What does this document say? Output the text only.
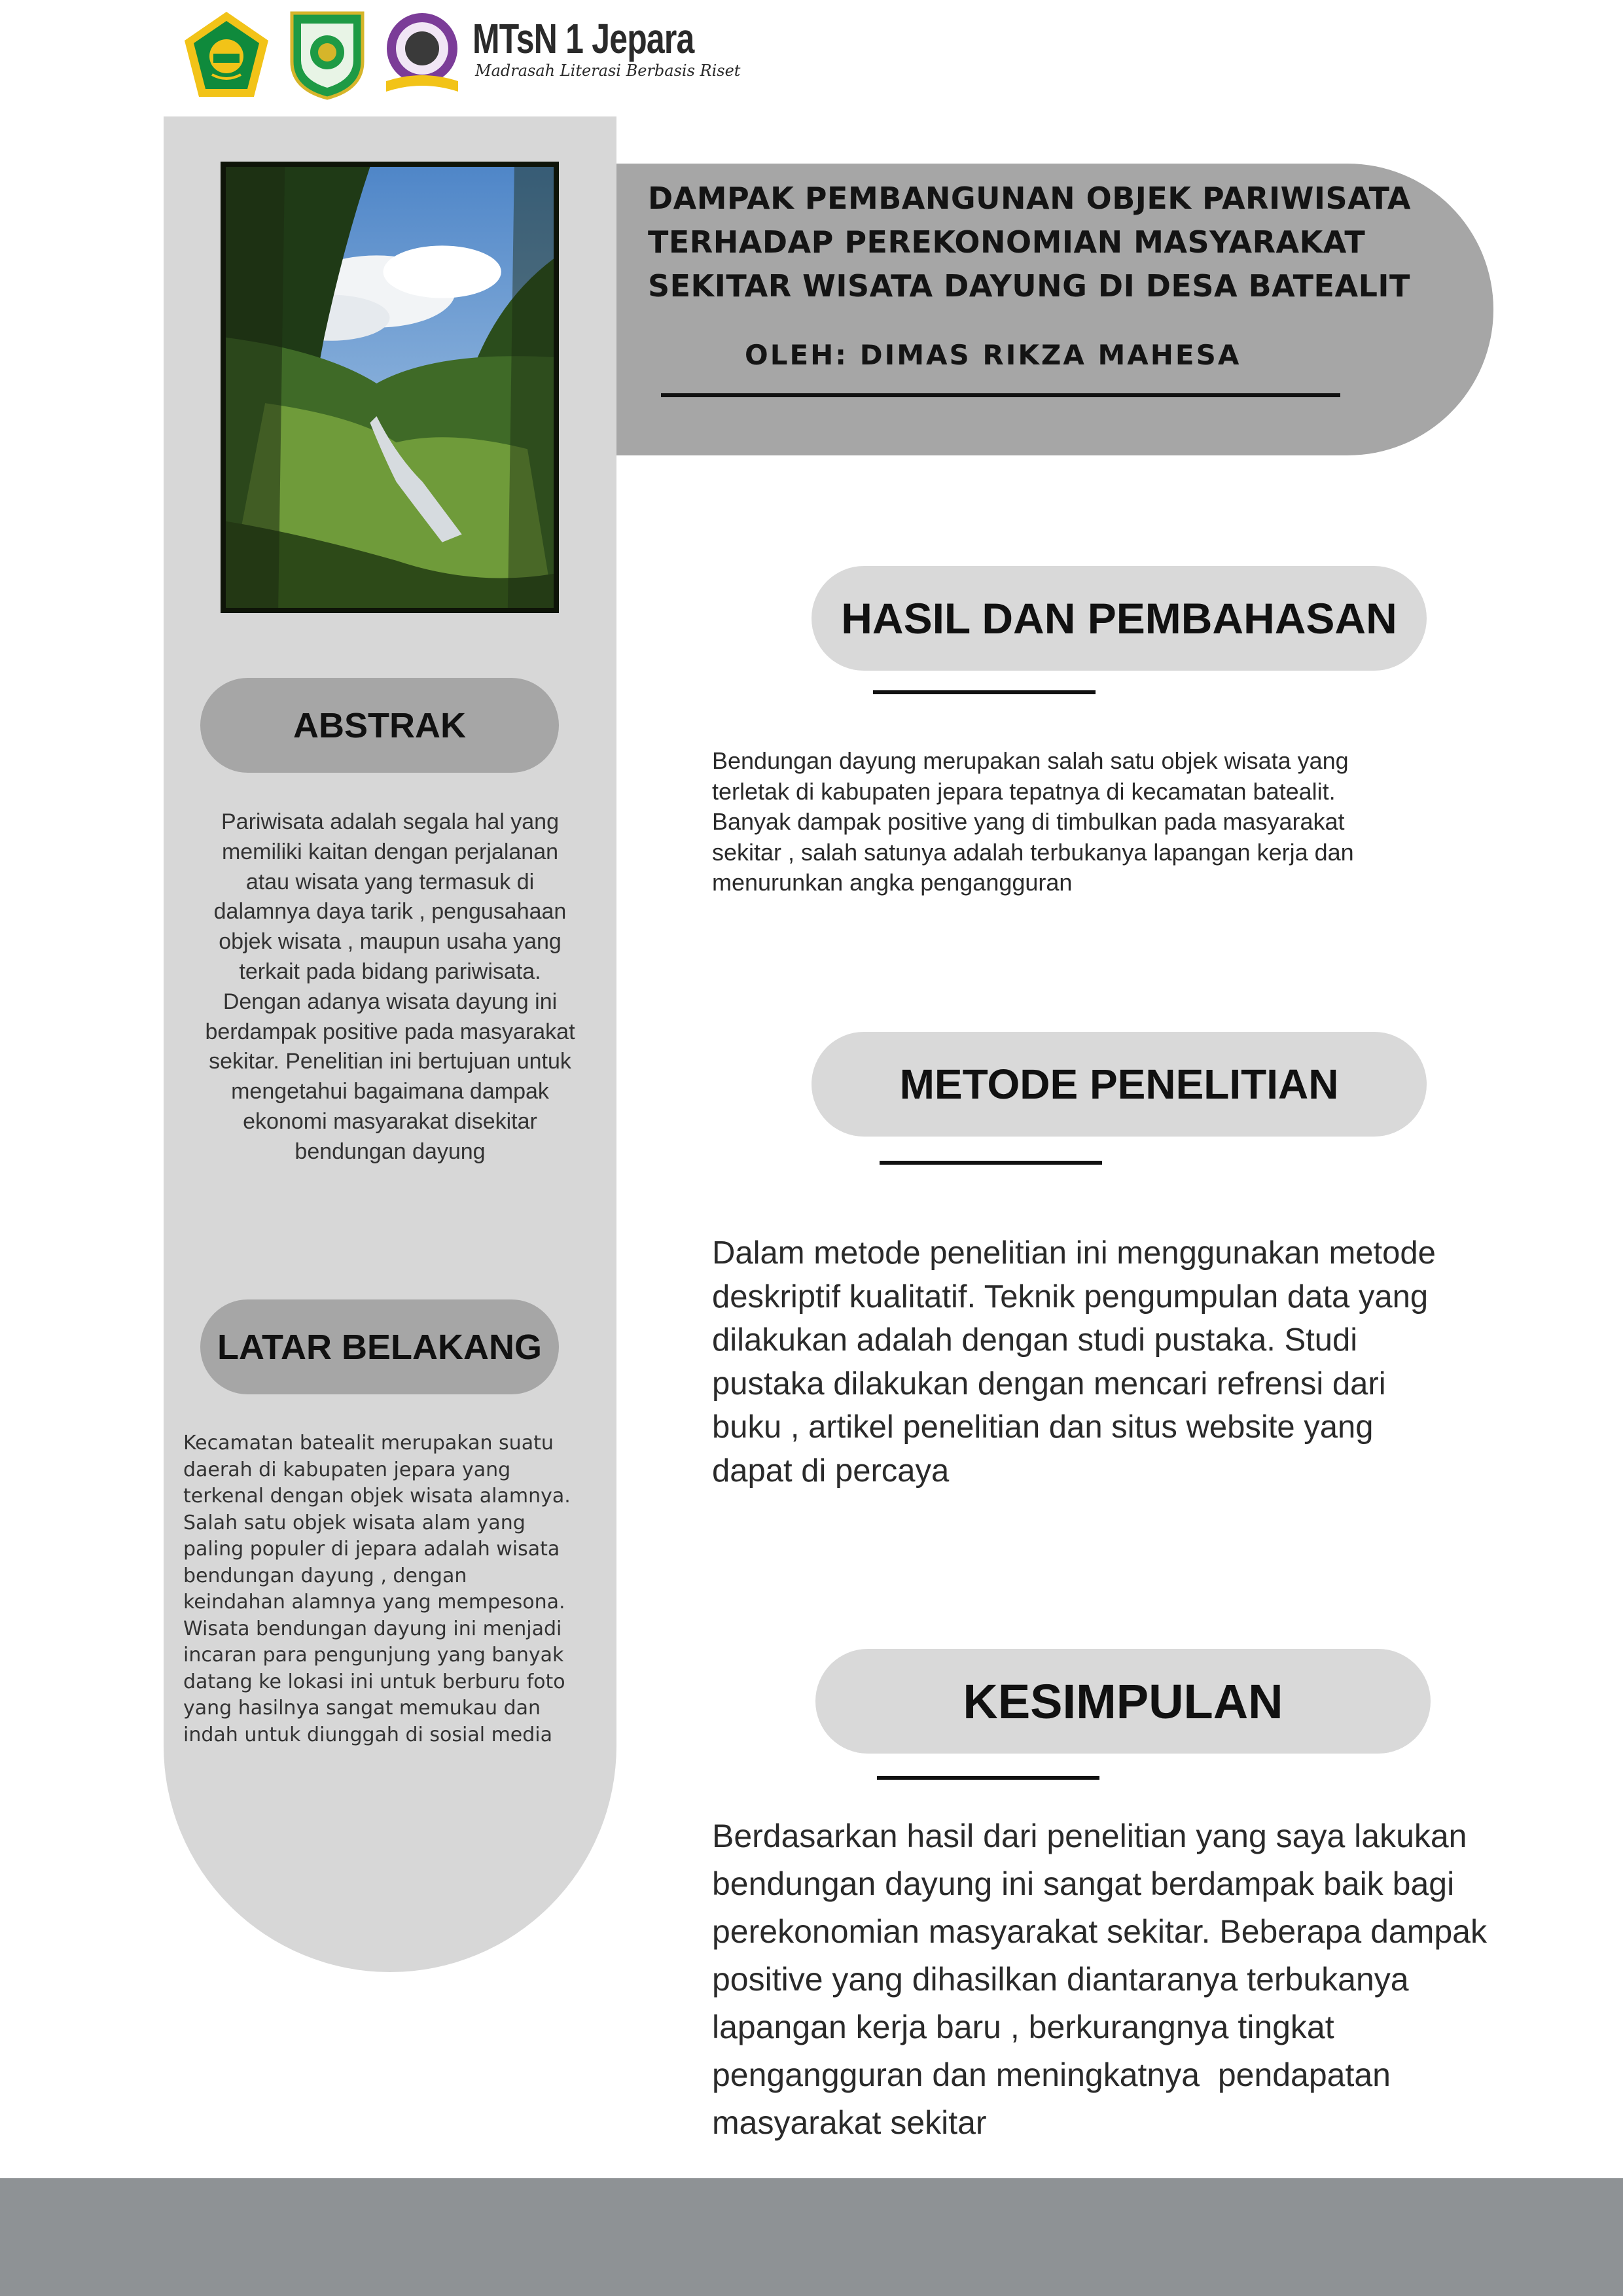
MTsN 1 Jepara
Madrasah Literasi Berbasis Riset
ABSTRAK
Pariwisata adalah segala hal yang
memiliki kaitan dengan perjalanan
atau wisata yang termasuk di
dalamnya daya tarik , pengusahaan
objek wisata , maupun usaha yang
terkait pada bidang pariwisata.
Dengan adanya wisata dayung ini
berdampak positive pada masyarakat
sekitar. Penelitian ini bertujuan untuk
mengetahui bagaimana dampak
ekonomi masyarakat disekitar
bendungan dayung
LATAR BELAKANG
Kecamatan batealit merupakan suatu
daerah di kabupaten jepara yang
terkenal dengan objek wisata alamnya.
Salah satu objek wisata alam yang
paling populer di jepara adalah wisata
bendungan dayung , dengan
keindahan alamnya yang mempesona.
Wisata bendungan dayung ini menjadi
incaran para pengunjung yang banyak
datang ke lokasi ini untuk berburu foto
yang hasilnya sangat memukau dan
indah untuk diunggah di sosial media
DAMPAK PEMBANGUNAN OBJEK PARIWISATA
TERHADAP PEREKONOMIAN MASYARAKAT
SEKITAR WISATA DAYUNG DI DESA BATEALIT
OLEH: DIMAS RIKZA MAHESA
HASIL DAN PEMBAHASAN
Bendungan dayung merupakan salah satu objek wisata yang
terletak di kabupaten jepara tepatnya di kecamatan batealit.
Banyak dampak positive yang di timbulkan pada masyarakat
sekitar , salah satunya adalah terbukanya lapangan kerja dan
menurunkan angka pengangguran
METODE PENELITIAN
Dalam metode penelitian ini menggunakan metode
deskriptif kualitatif. Teknik pengumpulan data yang
dilakukan adalah dengan studi pustaka. Studi
pustaka dilakukan dengan mencari refrensi dari
buku , artikel penelitian dan situs website yang
dapat di percaya
KESIMPULAN
Berdasarkan hasil dari penelitian yang saya lakukan
bendungan dayung ini sangat berdampak baik bagi
perekonomian masyarakat sekitar. Beberapa dampak
positive yang dihasilkan diantaranya terbukanya
lapangan kerja baru , berkurangnya tingkat
pengangguran dan meningkatnya  pendapatan
masyarakat sekitar
